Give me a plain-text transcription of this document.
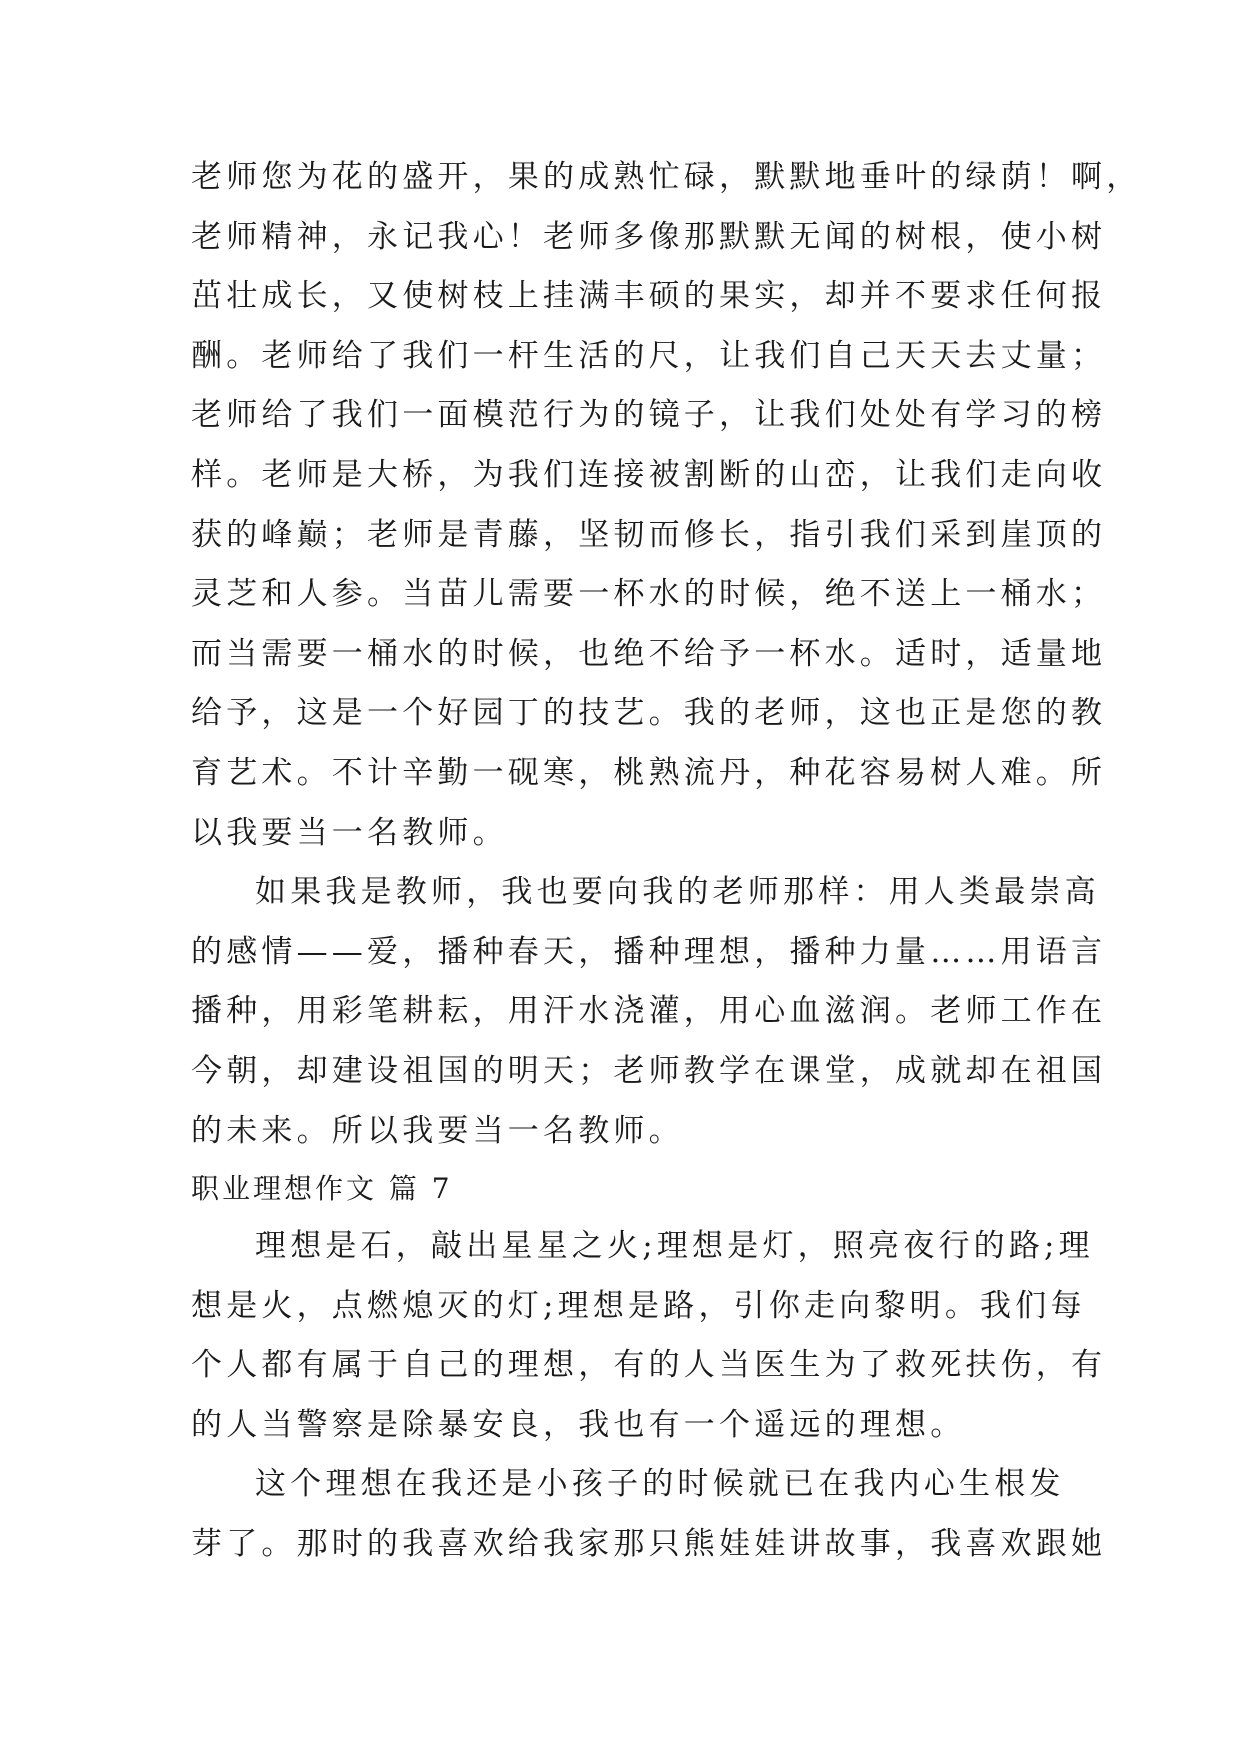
老师您为花的盛开，果的成熟忙碌，默默地垂叶的绿荫！啊，
老师精神，永记我心！老师多像那默默无闻的树根，使小树
茁壮成长，又使树枝上挂满丰硕的果实，却并不要求任何报
酬。老师给了我们一杆生活的尺，让我们自己天天去丈量；
老师给了我们一面模范行为的镜子，让我们处处有学习的榜
样。老师是大桥，为我们连接被割断的山峦，让我们走向收
获的峰巅；老师是青藤，坚韧而修长，指引我们采到崖顶的
灵芝和人参。当苗儿需要一杯水的时候，绝不送上一桶水；
而当需要一桶水的时候，也绝不给予一杯水。适时，适量地
给予，这是一个好园丁的技艺。我的老师，这也正是您的教
育艺术。不计辛勤一砚寒，桃熟流丹，种花容易树人难。所
以我要当一名教师。
如果我是教师，我也要向我的老师那样：用人类最崇高
的感情——爱，播种春天，播种理想，播种力量……用语言
播种，用彩笔耕耘，用汗水浇灌，用心血滋润。老师工作在
今朝，却建设祖国的明天；老师教学在课堂，成就却在祖国
的未来。所以我要当一名教师。
职业理想作文 篇 7
理想是石，敲出星星之火;理想是灯，照亮夜行的路;理
想是火，点燃熄灭的灯;理想是路，引你走向黎明。我们每
个人都有属于自己的理想，有的人当医生为了救死扶伤，有
的人当警察是除暴安良，我也有一个遥远的理想。
这个理想在我还是小孩子的时候就已在我内心生根发
芽了。那时的我喜欢给我家那只熊娃娃讲故事，我喜欢跟她
